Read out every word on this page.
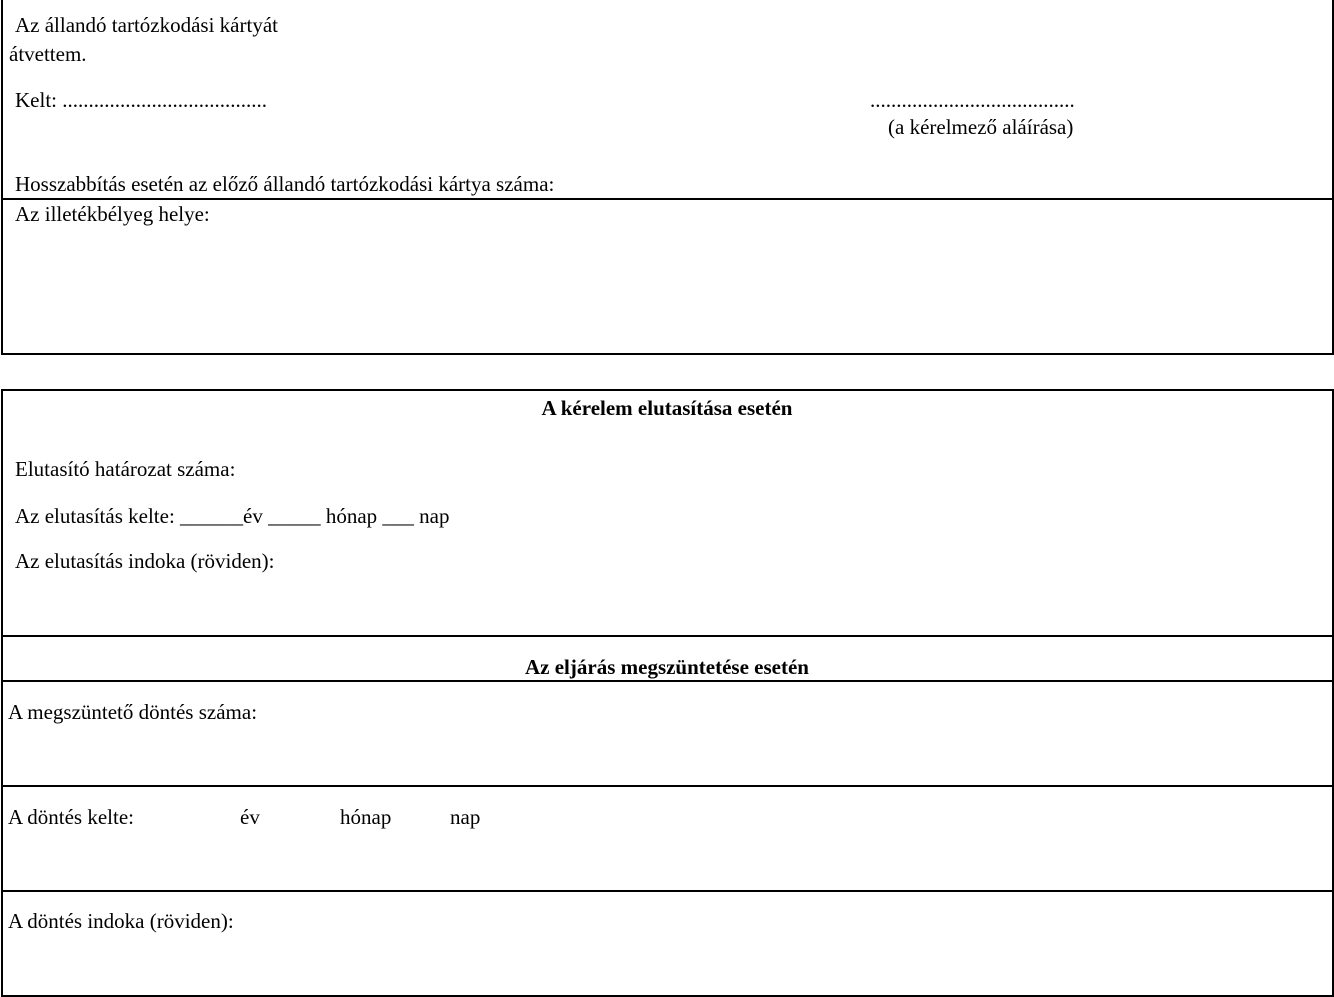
Az állandó tartózkodási kártyát
átvettem.
Kelt: .......................................	.......................................
(a kérelmező aláírása)
Hosszabbítás esetén az előző állandó tartózkodási kártya száma:
Az illetékbélyeg helye:
A kérelem elutasítása esetén
Elutasító határozat száma:
Az elutasítás kelte: ______év _____ hónap ___ nap
Az elutasítás indoka (röviden):
Az eljárás megszüntetése esetén
A megszüntető döntés száma:
A döntés kelte:	év	hónap	nap
A döntés indoka (röviden):
